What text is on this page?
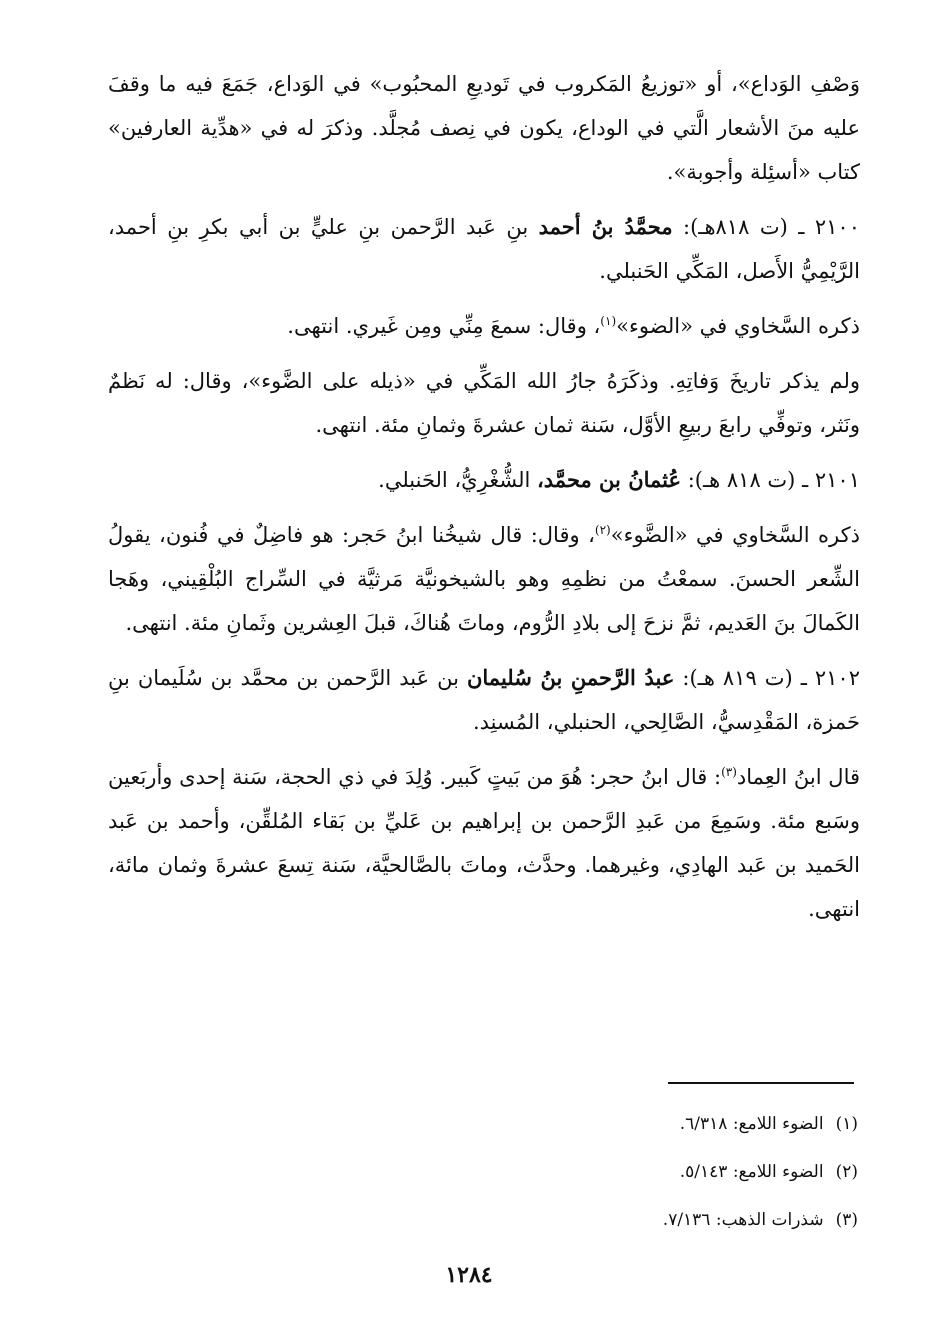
وَصْفِ الوَداع»، أو «توزيعُ المَكروب في تَوديعِ المحبُوب» في الوَداع، جَمَعَ فيه ما وقفَ عليه منَ الأشعار الَّتي في الوداع، يكون في نِصف مُجلَّد. وذكرَ له في «هدِّية العارفين» كتاب «أسئِلة وأجوبة».

٢١٠٠ ـ (ت ٨١٨هـ): محمَّدُ بنُ أحمد بنِ عَبد الرَّحمن بنِ عليٍّ بن أبي بكرِ بنِ أحمد، الرَّيْمِيُّ الأَصل، المَكِّي الحَنبلي.

ذكره السَّخاوي في «الضوء»$^{(١)}$، وقال: سمعَ مِنِّي ومِن غَيري. انتهى.

ولم يذكر تاريخَ وَفاتِهِ. وذكَرَهُ جارُ الله المَكِّي في «ذيله على الضَّوء»، وقال: له نَظمٌ ونَثر، وتوفِّي رابعَ ربيعِ الأوَّل، سَنة ثمان عشرةَ وثمانِ مئة. انتهى.

٢١٠١ ـ (ت ٨١٨ هـ): عُثمانُ بن محمَّد، الشُّغْرِيُّ، الحَنبلي.

ذكره السَّخاوي في «الضَّوء»$^{(٢)}$، وقال: قال شيخُنا ابنُ حَجر: هو فاضِلٌ في فُنون، يقولُ الشِّعر الحسنَ. سمعْتُ من نظمِهِ وهو بالشيخونيَّة مَرثيَّة في السِّراج البُلْقِيني، وهَجا الكَمالَ بنَ العَديم، ثمَّ نزحَ إلى بلادِ الرُّوم، وماتَ هُناكَ، قبلَ العِشرين وثَمانِ مئة. انتهى.

٢١٠٢ ـ (ت ٨١٩ هـ): عبدُ الرَّحمنِ بنُ سُليمان بن عَبد الرَّحمن بن محمَّد بن سُلَيمان بنِ حَمزة، المَقْدِسيُّ، الصَّالِحي، الحنبلي، المُسنِد.

قال ابنُ العِماد$^{(٣)}$: قال ابنُ حجر: هُوَ من بَيتٍ كَبير. وُلِدَ في ذي الحجة، سَنة إحدى وأربَعين وسَبع مئة. وسَمِعَ من عَبدِ الرَّحمن بن إبراهيم بن عَليِّ بن بَقاء المُلقِّن، وأحمد بن عَبد الحَميد بن عَبد الهادِي، وغيرهما. وحدَّث، وماتَ بالصَّالحيَّة، سَنة تِسعَ عشرةَ وثمان مائة، انتهى.

(١)الضوء اللامع: ٦/٣١٨.
(٢)الضوء اللامع: ٥/١٤٣.
(٣)شذرات الذهب: ٧/١٣٦.
١٢٨٤
